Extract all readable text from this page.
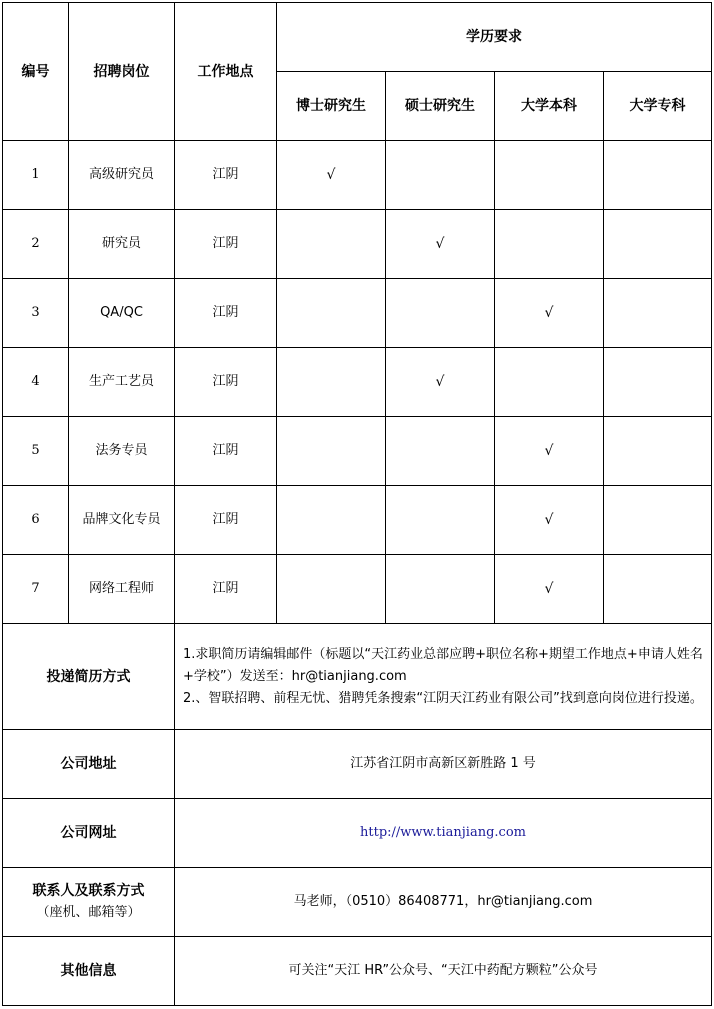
编号	招聘岗位	工作地点	学历要求			
			博士研究生	硕士研究生	大学本科	大学专科
1	高级研究员	江阴	√			
2	研究员	江阴		√		
3	QA/QC	江阴			√	
4	生产工艺员	江阴		√		
5	法务专员	江阴			√	
6	品牌文化专员	江阴			√	
7	网络工程师	江阴			√	
投递简历方式		1.求职简历请编辑邮件（标题以“天江药业总部应聘+职位名称+期望工作地点+申请人姓名+学校”）发送至：hr@tianjiang.com
2.、智联招聘、前程无忧、猎聘凭条搜索“江阴天江药业有限公司”找到意向岗位进行投递。				

公司地址		江苏省江阴市高新区新胜路 1 号				
公司网址		http://www.tianjiang.com				
联系人及联系方式
（座机、邮箱等）		马老师，（0510）86408771，hr@tianjiang.com				
其他信息		可关注“天江 HR”公众号、“天江中药配方颗粒”公众号				
